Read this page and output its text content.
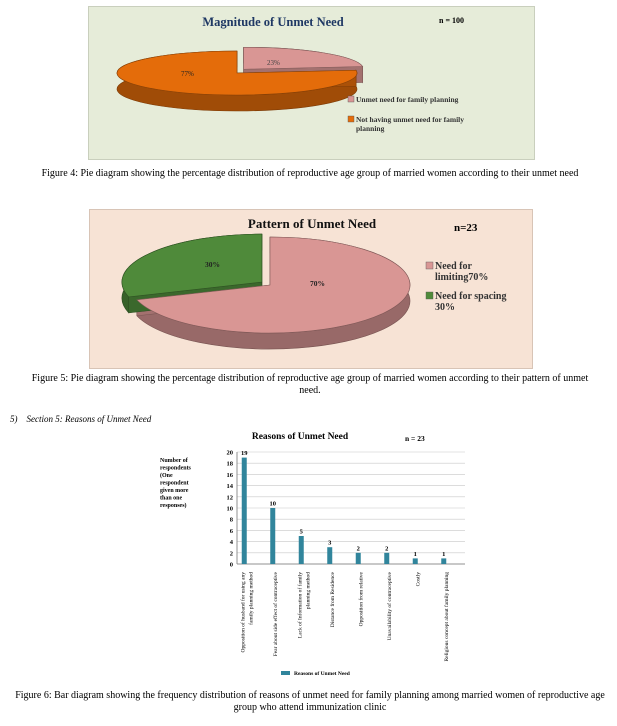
Magnitude of Unmet Need	n = 100
23%
77%
Unmet need for family planning
Not having unmet need for family
planning
Figure 4: Pie diagram showing the percentage distribution of reproductive age group of married women according to their unmet need
Pattern of Unmet Need	n=23
70%
30%	Need for
limiting70%
Need for spacing
30%
Figure 5: Pie diagram showing the percentage distribution of reproductive age group of married women according to their pattern of unmet need.
5)    Section 5: Reasons of Unmet Need
Reasons of Unmet Need	n = 23
Number of
respondents
(One
respondent
given more
than one
responses)
0
2
4
6
8
10
12
14
16
18
20 19
Opposition of husband for using any family planning method
10
Fear about side effect of contraceptive
5
Lack of Information of family planning method
3
Distance from Residence
2
Opposition from relative
2
Unavailability of contraceptive
1
Costly
1
Religious concept about family planning
Reasons of Unmet Need
Figure 6: Bar diagram showing the frequency distribution of reasons of unmet need for family planning among married women of reproductive age group who attend immunization clinic
